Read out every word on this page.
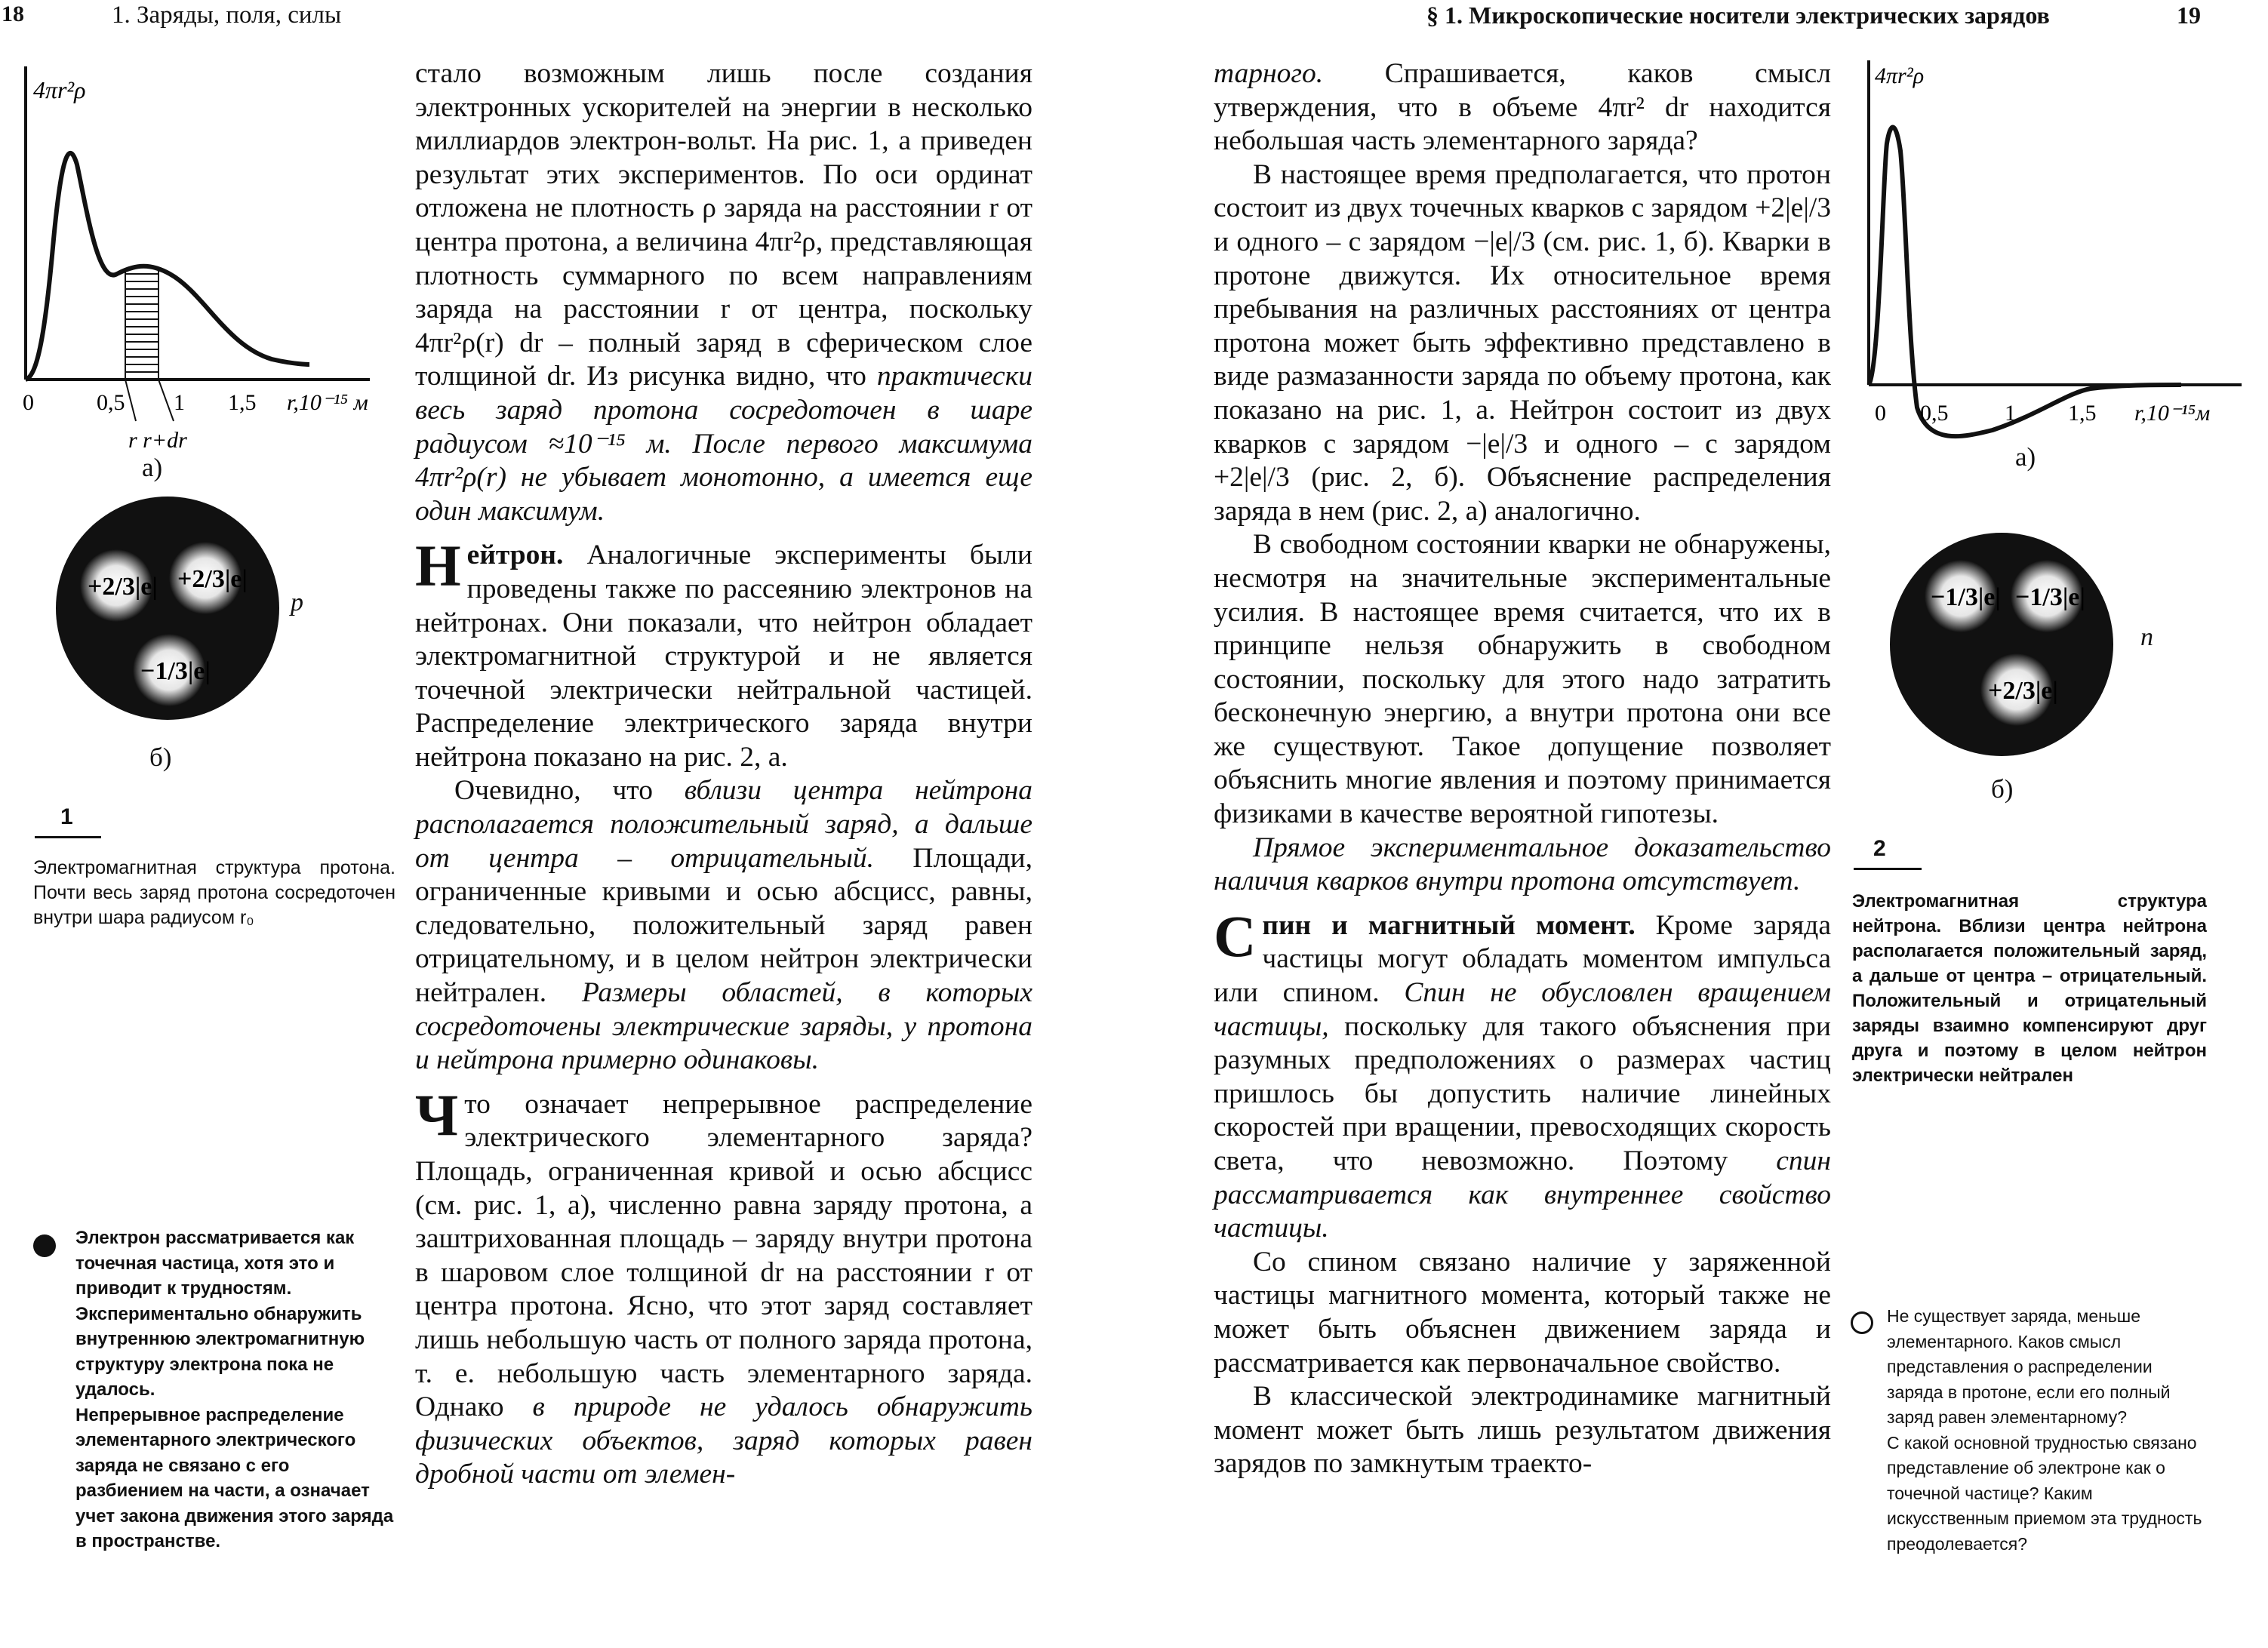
18	1. Заряды, поля, силы
4πr²ρ
0	0,5 1 1,5 r,10⁻¹⁵ м
r r+dr
а)
+2/3|e| +2/3|e|
−1/3|e|
p
б)
1
Электромагнитная структура протона. Почти весь заряд протона сосредоточен внутри шара радиусом r₀

Электрон рассматривается как точечная частица, хотя это и приводит к трудностям. Экспериментально обнаружить внутреннюю электромагнитную структуру электрона пока не удалось.

Непрерывное распределение элементарного электрического заряда не связано с его разбиением на части, а означает учет закона движения этого заряда в пространстве.

стало возможным лишь после создания электронных ускорителей на энергии в несколько миллиардов электрон-вольт. На рис. 1, а приведен результат этих экспериментов. По оси ординат отложена не плотность ρ заряда на расстоянии r от центра протона, а величина 4πr²ρ, представляющая плотность суммарного по всем направлениям заряда на расстоянии r от центра, поскольку 4πr²ρ(r) dr – полный заряд в сферическом слое толщиной dr. Из рисунка видно, что практически весь заряд протона сосредоточен в шаре радиусом ≈10⁻¹⁵ м. После первого максимума 4πr²ρ(r) не убывает монотонно, а имеется еще один максимум.

Нейтрон. Аналогичные эксперименты были проведены также по рассеянию электронов на нейтронах. Они показали, что нейтрон обладает электромагнитной структурой и не является точечной электрически нейтральной частицей. Распределение электрического заряда внутри нейтрона показано на рис. 2, а.

Очевидно, что вблизи центра нейтрона располагается положительный заряд, а дальше от центра – отрицательный. Площади, ограниченные кривыми и осью абсцисс, равны, следовательно, положительный заряд равен отрицательному, и в целом нейтрон электрически нейтрален. Размеры областей, в которых сосредоточены электрические заряды, у протона и нейтрона примерно одинаковы.

Что означает непрерывное распределение электрического элементарного заряда? Площадь, ограниченная кривой и осью абсцисс (см. рис. 1, а), численно равна заряду протона, а заштрихованная площадь – заряду внутри протона в шаровом слое толщиной dr на расстоянии r от центра протона. Ясно, что этот заряд составляет лишь небольшую часть от полного заряда протона, т. е. небольшую часть элементарного заряда. Однако в природе не удалось обнаружить физических объектов, заряд которых равен дробной части от элемен-

§ 1. Микроскопические носители электрических зарядов	19

тарного. Спрашивается, каков смысл утверждения, что в объеме 4πr² dr находится небольшая часть элементарного заряда?

В настоящее время предполагается, что протон состоит из двух точечных кварков с зарядом +2|e|/3 и одного – с зарядом −|e|/3 (см. рис. 1, б). Кварки в протоне движутся. Их относительное время пребывания на различных расстояниях от центра протона может быть эффективно представлено в виде размазанности заряда по объему протона, как показано на рис. 1, а. Нейтрон состоит из двух кварков с зарядом −|e|/3 и одного – с зарядом +2|e|/3 (рис. 2, б). Объяснение распределения заряда в нем (рис. 2, а) аналогично.

В свободном состоянии кварки не обнаружены, несмотря на значительные экспериментальные усилия. В настоящее время считается, что их в принципе нельзя обнаружить в свободном состоянии, поскольку для этого надо затратить бесконечную энергию, а внутри протона они все же существуют. Такое допущение позволяет объяснить многие явления и поэтому принимается физиками в качестве вероятной гипотезы.

Прямое экспериментальное доказательство наличия кварков внутри протона отсутствует.

Спин и магнитный момент. Кроме заряда частицы могут обладать моментом импульса или спином. Спин не обусловлен вращением частицы, поскольку для такого объяснения при разумных предположениях о размерах частиц пришлось бы допустить наличие линейных скоростей при вращении, превосходящих скорость света, что невозможно. Поэтому спин рассматривается как внутреннее свойство частицы.

Со спином связано наличие у заряженной частицы магнитного момента, который также не может быть объяснен движением заряда и рассматривается как первоначальное свойство.

В классической электродинамике магнитный момент может быть лишь результатом движения зарядов по замкнутым траекто-

4πr²ρ
0 0,5 1 1,5 r,10⁻¹⁵м
а)
−1/3|e| −1/3|e|
+2/3|e|
n
б)
2
Электромагнитная структура нейтрона. Вблизи центра нейтрона располагается положительный заряд, а дальше от центра – отрицательный. Положительный и отрицательный заряды взаимно компенсируют друг друга и поэтому в целом нейтрон электрически нейтрален

Не существует заряда, меньше элементарного. Каков смысл представления о распределении заряда в протоне, если его полный заряд равен элементарному?

С какой основной трудностью связано представление об электроне как о точечной частице? Каким искусственным приемом эта трудность преодолевается?
